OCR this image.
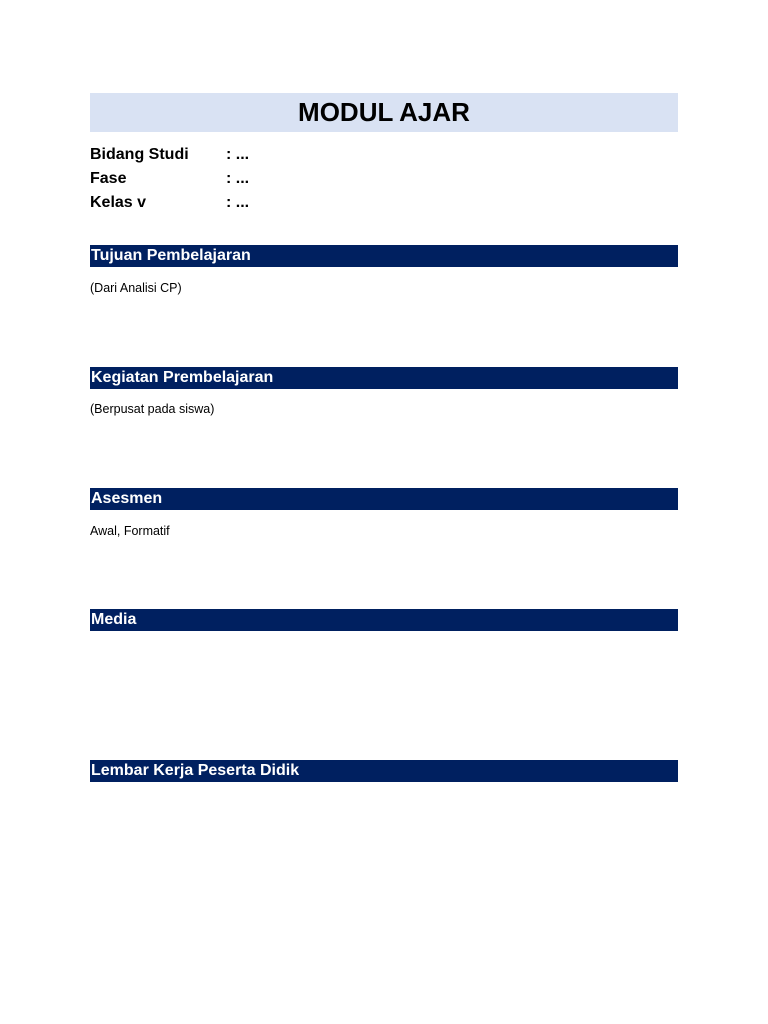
MODUL AJAR
Bidang Studi : ...
Fase	: ...
Kelas v	: ...
Tujuan Pembelajaran
(Dari Analisi CP)
Kegiatan Prembelajaran
(Berpusat pada siswa)
Asesmen
Awal, Formatif
Media
Lembar Kerja Peserta Didik
